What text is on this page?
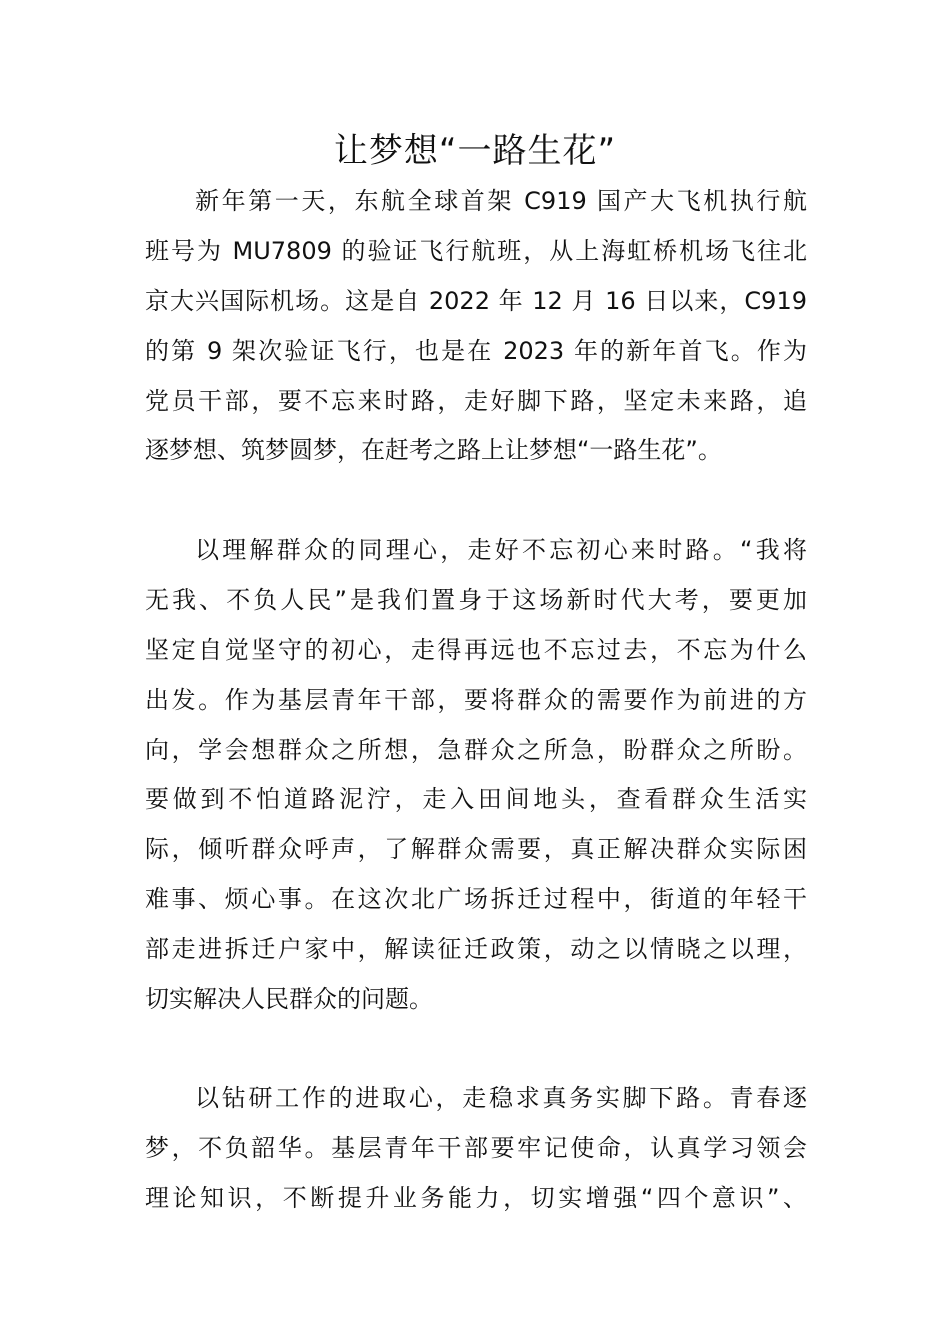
让梦想“一路生花”
新年第一天，东航全球首架 C919 国产大飞机执行航
班号为 MU7809 的验证飞行航班，从上海虹桥机场飞往北
京大兴国际机场。这是自 2022 年 12 月 16 日以来，C919
的第 9 架次验证飞行，也是在 2023 年的新年首飞。作为
党员干部，要不忘来时路，走好脚下路，坚定未来路，追
逐梦想、筑梦圆梦，在赶考之路上让梦想“一路生花”。
以理解群众的同理心，走好不忘初心来时路。“我将
无我、不负人民”是我们置身于这场新时代大考，要更加
坚定自觉坚守的初心，走得再远也不忘过去，不忘为什么
出发。作为基层青年干部，要将群众的需要作为前进的方
向，学会想群众之所想，急群众之所急，盼群众之所盼。
要做到不怕道路泥泞，走入田间地头，查看群众生活实
际，倾听群众呼声，了解群众需要，真正解决群众实际困
难事、烦心事。在这次北广场拆迁过程中，街道的年轻干
部走进拆迁户家中，解读征迁政策，动之以情晓之以理，
切实解决人民群众的问题。
以钻研工作的进取心，走稳求真务实脚下路。青春逐
梦，不负韶华。基层青年干部要牢记使命，认真学习领会
理论知识，不断提升业务能力，切实增强“四个意识”、
